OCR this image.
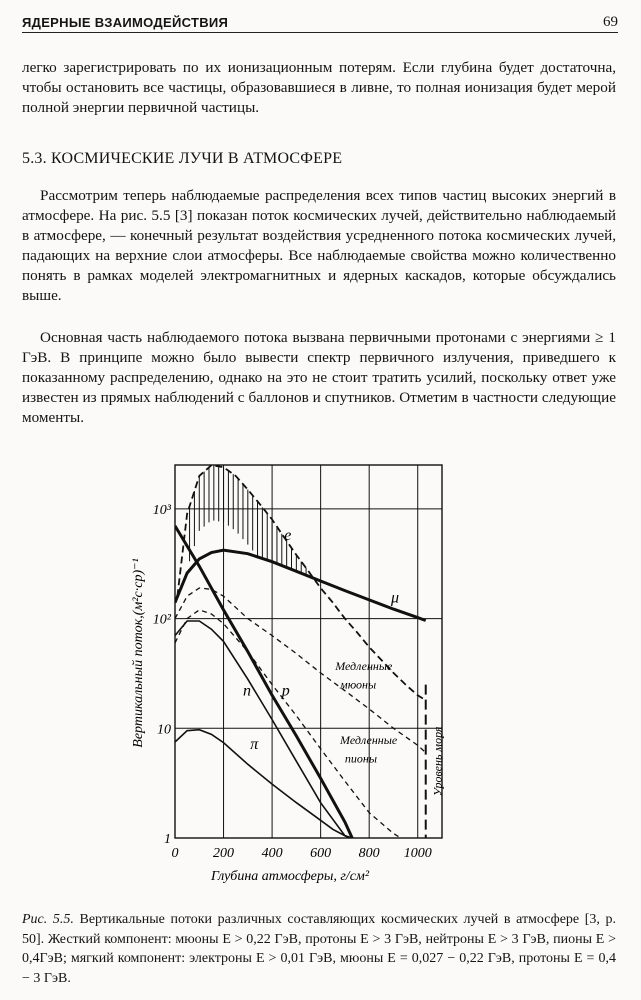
ЯДЕРНЫЕ ВЗАИМОДЕЙСТВИЯ	69
легко зарегистрировать по их ионизационным потерям. Если глубина будет достаточна, чтобы остановить все частицы, образовавшиеся в ливне, то полная ионизация будет мерой полной энергии первичной частицы.
5.3. КОСМИЧЕСКИЕ ЛУЧИ В АТМОСФЕРЕ
Рассмотрим теперь наблюдаемые распределения всех типов частиц высоких энергий в атмосфере. На рис. 5.5 [3] показан поток космических лучей, действительно наблюдаемый в атмосфере, — конечный результат воздействия усредненного потока космических лучей, падающих на верхние слои атмосферы. Все наблюдаемые свойства можно количественно понять в рамках моделей электромагнитных и ядерных каскадов, которые обсуждались выше.
Основная часть наблюдаемого потока вызвана первичными протонами с энергиями ≥ 1 ГэВ. В принципе можно было вывести спектр первичного излучения, приведшего к показанному распределению, однако на это не стоит тратить усилий, поскольку ответ уже известен из прямых наблюдений с баллонов и спутников. Отметим в частности следующие моменты.
0 200 400 600 800 1000
1
10
10²
10³
e
μ
n p
π
Медленные
мюоны
Медленные
пионы	Уровень моря
Вертикальный поток,(м²с·ср)⁻¹
Глубина атмосферы, г/см²
Рис. 5.5. Вертикальные потоки различных составляющих космических лучей в атмосфере [3, р. 50]. Жесткий компонент: мюоны E > 0,22 ГэВ, протоны E > 3 ГэВ, нейтроны E > 3 ГэВ, пионы E > 0,4ГэВ; мягкий компонент: электроны E > 0,01 ГэВ, мюоны E = 0,027 − 0,22 ГэВ, протоны E = 0,4 − 3 ГэВ.
